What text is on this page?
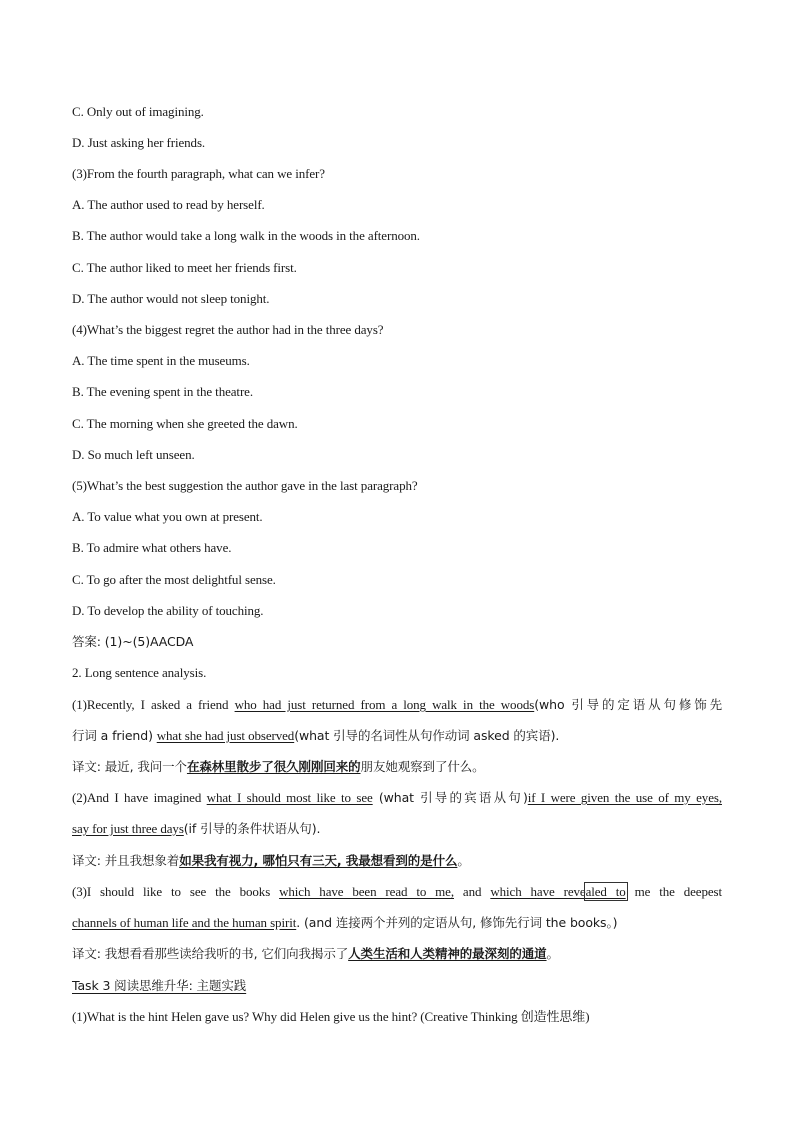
C. Only out of imagining.
D. Just asking her friends.
(3)From the fourth paragraph, what can we infer?
A. The author used to read by herself.
B. The author would take a long walk in the woods in the afternoon.
C. The author liked to meet her friends first.
D. The author would not sleep tonight.
(4)What’s the biggest regret the author had in the three days?
A. The time spent in the museums.
B. The evening spent in the theatre.
C. The morning when she greeted the dawn.
D. So much left unseen.
(5)What’s the best suggestion the author gave in the last paragraph?
A. To value what you own at present.
B. To admire what others have.
C. To go after the most delightful sense.
D. To develop the ability of touching.
答案: (1)~(5)AACDA
2. Long sentence analysis.
(1)Recently, I asked a friend who had just returned from a long walk in the woods(who 引导的定语从句修饰先
行词 a friend) what she had just observed(what 引导的名词性从句作动词 asked 的宾语).
译文: 最近, 我问一个在森林里散步了很久刚刚回来的朋友她观察到了什么。
(2)And I have imagined what I should most like to see (what 引导的宾语从句)if I were given the use of my eyes,
say for just three days(if 引导的条件状语从句).
译文: 并且我想象着如果我有视力, 哪怕只有三天, 我最想看到的是什么。
(3)I should like to see the books which have been read to me, and which have revealed to me the deepest
channels of human life and the human spirit. (and 连接两个并列的定语从句, 修饰先行词 the books。)
译文: 我想看看那些读给我听的书, 它们向我揭示了人类生活和人类精神的最深刻的通道。
Task 3 阅读思维升华: 主题实践
(1)What is the hint Helen gave us? Why did Helen give us the hint? (Creative Thinking 创造性思维)
